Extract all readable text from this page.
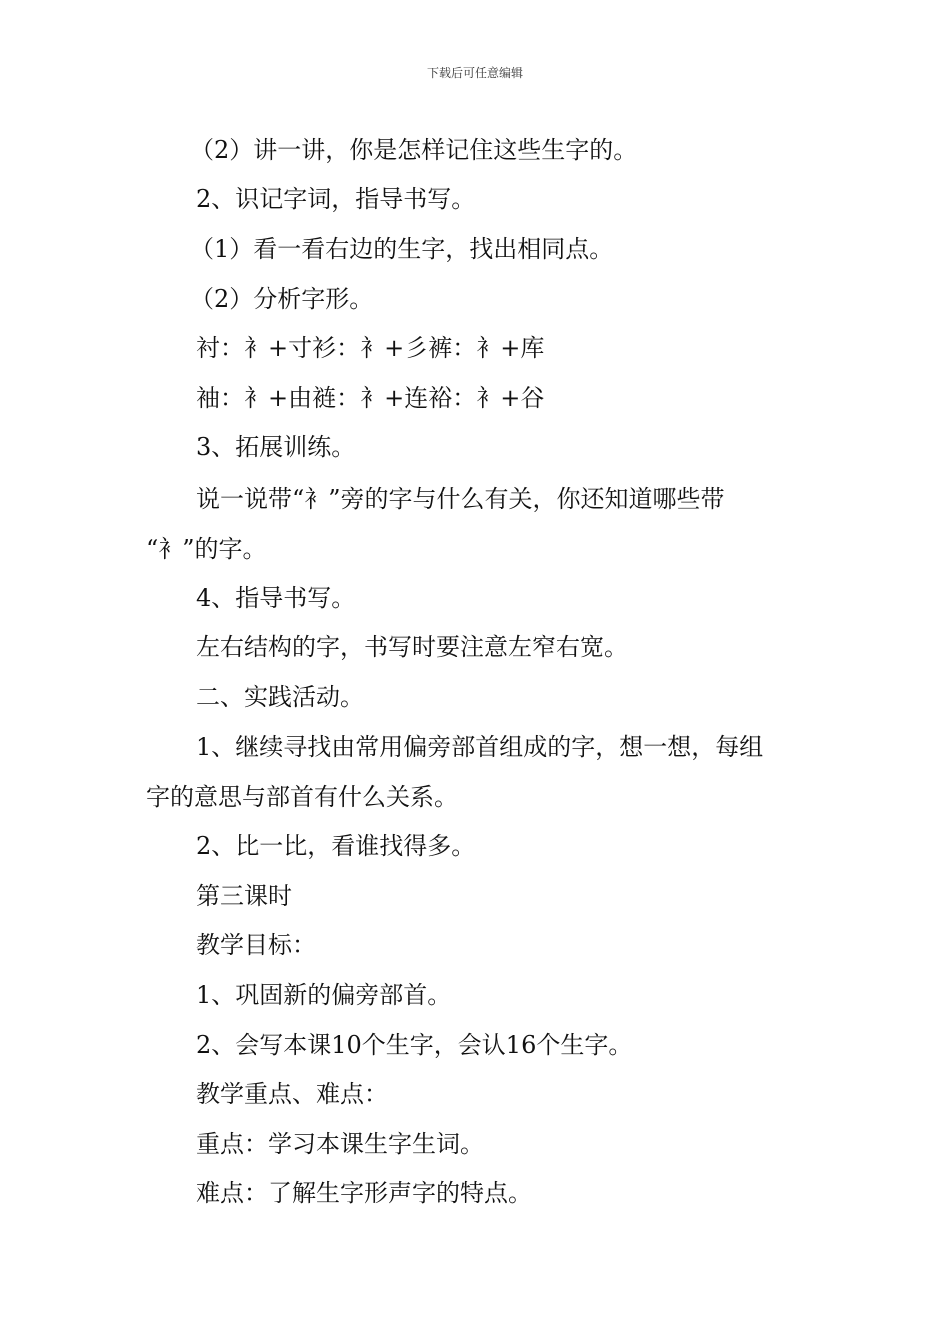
下载后可任意编辑
（2）讲一讲，你是怎样记住这些生字的。
2、识记字词，指导书写。
（1）看一看右边的生字，找出相同点。
（2）分析字形。
衬：衤+寸衫：衤+彡裤：衤+库
袖：衤+由裢：衤+连裕：衤+谷
3、拓展训练。
说一说带“衤”旁的字与什么有关，你还知道哪些带
“衤”的字。
4、指导书写。
左右结构的字，书写时要注意左窄右宽。
二、实践活动。
1、继续寻找由常用偏旁部首组成的字，想一想，每组
字的意思与部首有什么关系。
2、比一比，看谁找得多。
第三课时
教学目标：
1、巩固新的偏旁部首。
2、会写本课10个生字，会认16个生字。
教学重点、难点：
重点：学习本课生字生词。
难点：了解生字形声字的特点。
